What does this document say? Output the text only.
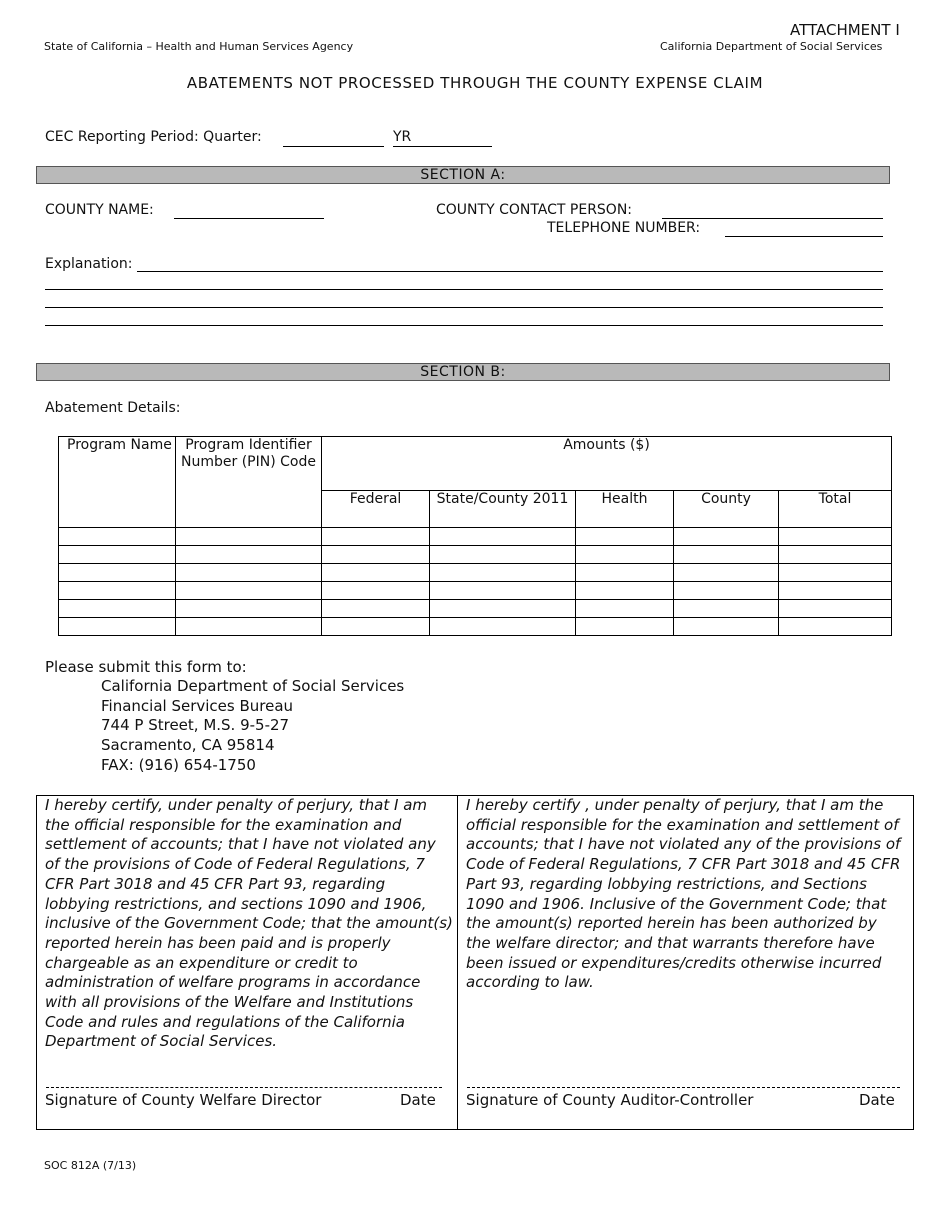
ATTACHMENT I
State of California – Health and Human Services Agency	California Department of Social Services
ABATEMENTS NOT PROCESSED THROUGH THE COUNTY EXPENSE CLAIM
CEC Reporting Period: Quarter:	YR
SECTION A:
COUNTY NAME:	COUNTY CONTACT PERSON:
TELEPHONE NUMBER:
Explanation:
SECTION B:
Abatement Details:
Program Name	Program Identifier Number (PIN) Code	Amounts ($)				
		Federal	State/County 2011	Health	County	Total

Please submit this form to:
California Department of Social Services
Financial Services Bureau
744 P Street, M.S. 9-5-27
Sacramento, CA 95814
FAX: (916) 654-1750
I hereby certify, under penalty of perjury, that I am the official responsible for the examination and settlement of accounts; that I have not violated any of the provisions of Code of Federal Regulations, 7 CFR Part 3018 and 45 CFR Part 93, regarding lobbying restrictions, and sections 1090 and 1906, inclusive of the Government Code; that the amount(s) reported herein has been paid and is properly chargeable as an expenditure or credit to administration of welfare programs in accordance with all provisions of the Welfare and Institutions Code and rules and regulations of the California Department of Social Services.
I hereby certify , under penalty of perjury, that I am the official responsible for the examination and settlement of accounts; that I have not violated any of the provisions of Code of Federal Regulations, 7 CFR Part 3018 and 45 CFR Part 93, regarding lobbying restrictions, and Sections 1090 and 1906. Inclusive of the Government Code; that the amount(s) reported herein has been authorized by the welfare director; and that warrants therefore have been issued or expenditures/credits otherwise incurred according to law.
Signature of County Welfare Director	Date Signature of County Auditor-Controller	Date
SOC 812A (7/13)
